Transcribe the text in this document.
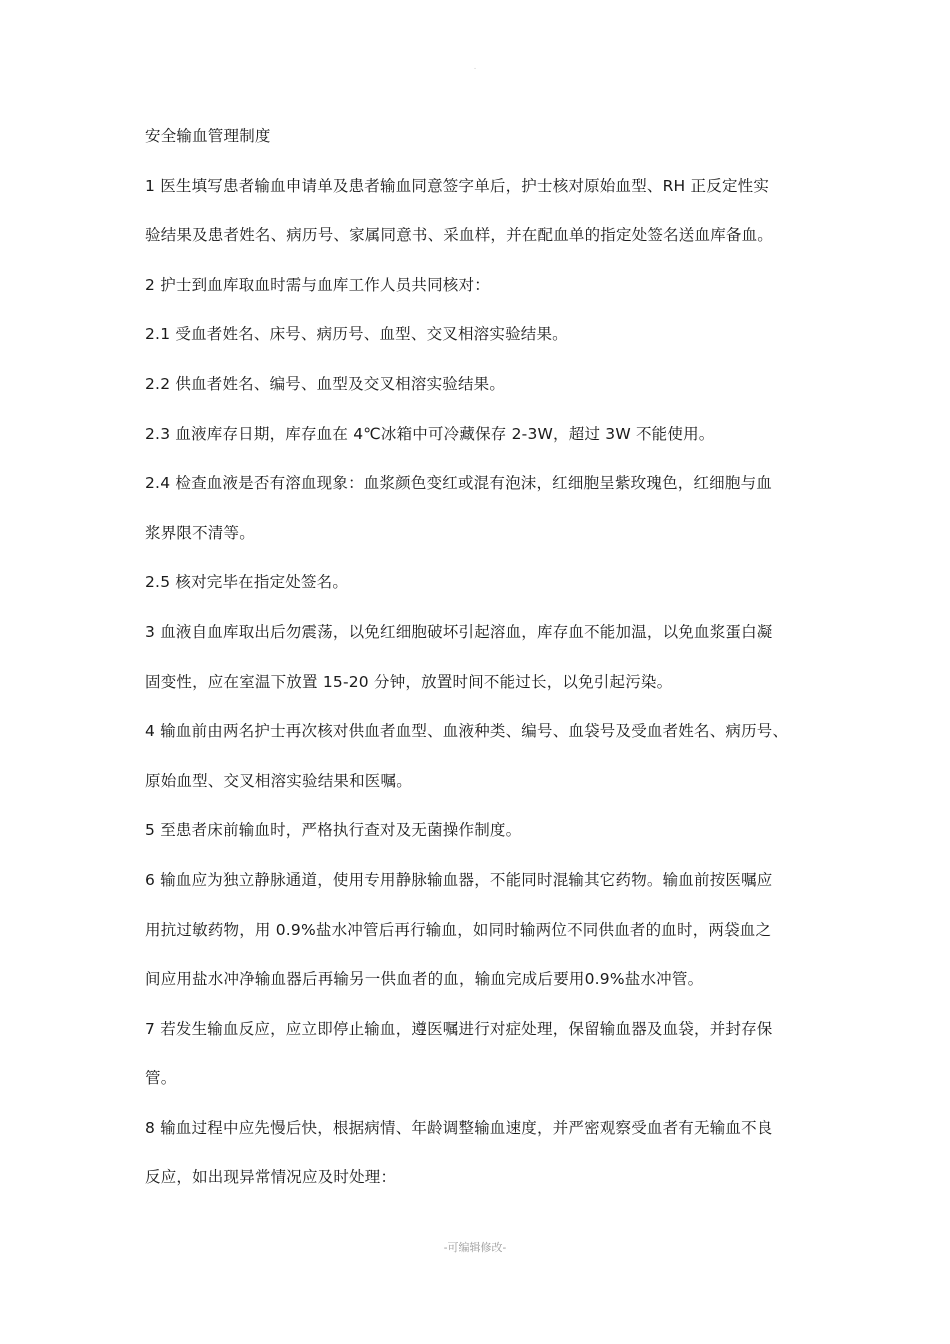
.
安全输血管理制度
1 医生填写患者输血申请单及患者输血同意签字单后，护士核对原始血型、RH 正反定性实
验结果及患者姓名、病历号、家属同意书、采血样，并在配血单的指定处签名送血库备血。
2 护士到血库取血时需与血库工作人员共同核对：
2.1 受血者姓名、床号、病历号、血型、交叉相溶实验结果。
2.2 供血者姓名、编号、血型及交叉相溶实验结果。
2.3 血液库存日期，库存血在 4℃冰箱中可冷藏保存 2-3W，超过 3W 不能使用。
2.4 检查血液是否有溶血现象：血浆颜色变红或混有泡沫，红细胞呈紫玫瑰色，红细胞与血
浆界限不清等。
2.5 核对完毕在指定处签名。
3 血液自血库取出后勿震荡，以免红细胞破坏引起溶血，库存血不能加温，以免血浆蛋白凝
固变性，应在室温下放置 15-20 分钟，放置时间不能过长，以免引起污染。
4 输血前由两名护士再次核对供血者血型、血液种类、编号、血袋号及受血者姓名、病历号、
原始血型、交叉相溶实验结果和医嘱。
5 至患者床前输血时，严格执行查对及无菌操作制度。
6 输血应为独立静脉通道，使用专用静脉输血器，不能同时混输其它药物。输血前按医嘱应
用抗过敏药物，用 0.9%盐水冲管后再行输血，如同时输两位不同供血者的血时，两袋血之
间应用盐水冲净输血器后再输另一供血者的血，输血完成后要用0.9%盐水冲管。
7 若发生输血反应，应立即停止输血，遵医嘱进行对症处理，保留输血器及血袋，并封存保
管。
8 输血过程中应先慢后快，根据病情、年龄调整输血速度，并严密观察受血者有无输血不良
反应，如出现异常情况应及时处理：
-可编辑修改-
